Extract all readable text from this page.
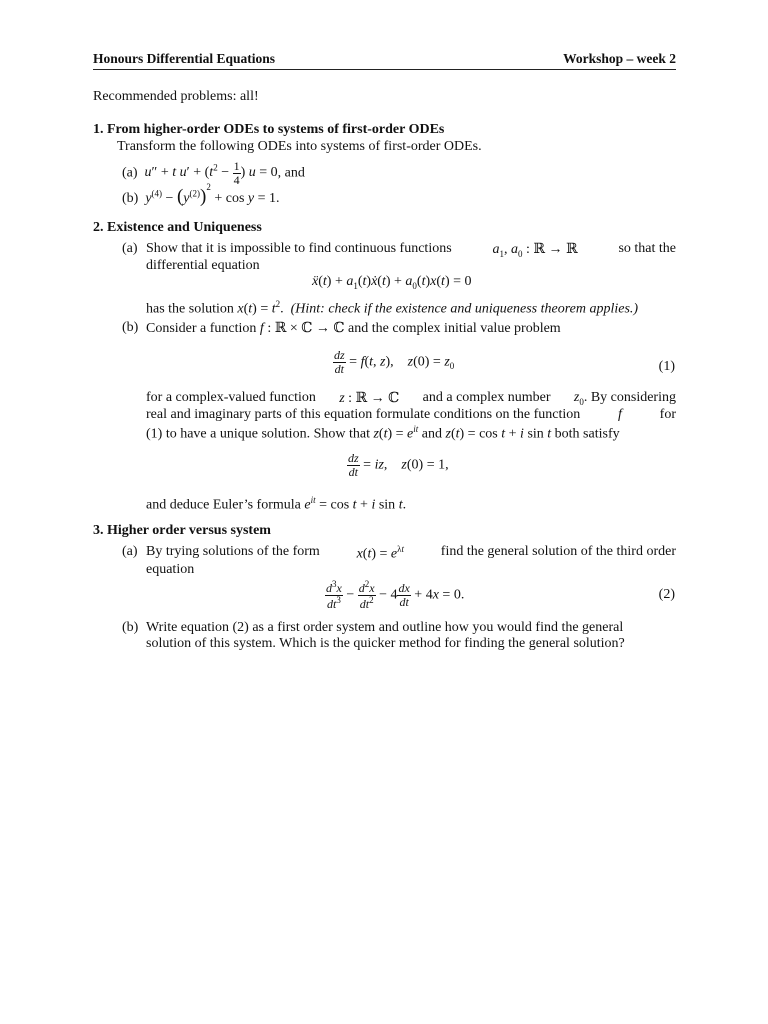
Honours Differential Equations	Workshop – week 2
Recommended problems: all!
1. From higher-order ODEs to systems of first-order ODEs
Transform the following ODEs into systems of first-order ODEs.
(a) u″ + t $u' + (t^2 - \frac{1}{4}$ ) u = 0, and
(b) $y^{(4)} - (y^{(2)})^2 + \cos y = 1$.
2. Existence and Uniqueness
(a) Show that it is impossible to find continuous functions	$a_1$, $a_0$ : ℝ → ℝ	so that the
differential equation
ẍ(t) + $a_1(t)ẋ(t) + a_0(t)x(t) = 0$
has the solution $x(t) = t^2$.  (Hint: check if the existence and uniqueness theorem applies.)
(b) Consider a function f : ℝ × ℂ → ℂ and the complex initial value problem
$\frac{dz}{dt} = f(t$, z),    $z(0) = z_0$	(1)
for a complex-valued function z : ℝ → ℂ and a complex number $z_0$. By considering
real and imaginary parts of this equation formulate conditions on the function	f	for
(1) to have a unique solution. Show that $z(t) = e^{it}$ and z(t) = cos t + i sin t both satisfy
$\frac{dz}{dt}$ = iz,    z(0) = 1,
and deduce Euler’s formula $e^{it} = \cos t + i$ sin t.
3. Higher order versus system
(a) By trying solutions of the form	$x(t) = e^{\lambda t}$	find the general solution of the third order
equation
$\frac{d^3x}{dt^3} - \frac{d^2x}{dt^2} - 4 \frac{dx}{dt} + 4x = 0$.	(2)
(b) Write equation (2) as a first order system and outline how you would find the general
solution of this system. Which is the quicker method for finding the general solution?
